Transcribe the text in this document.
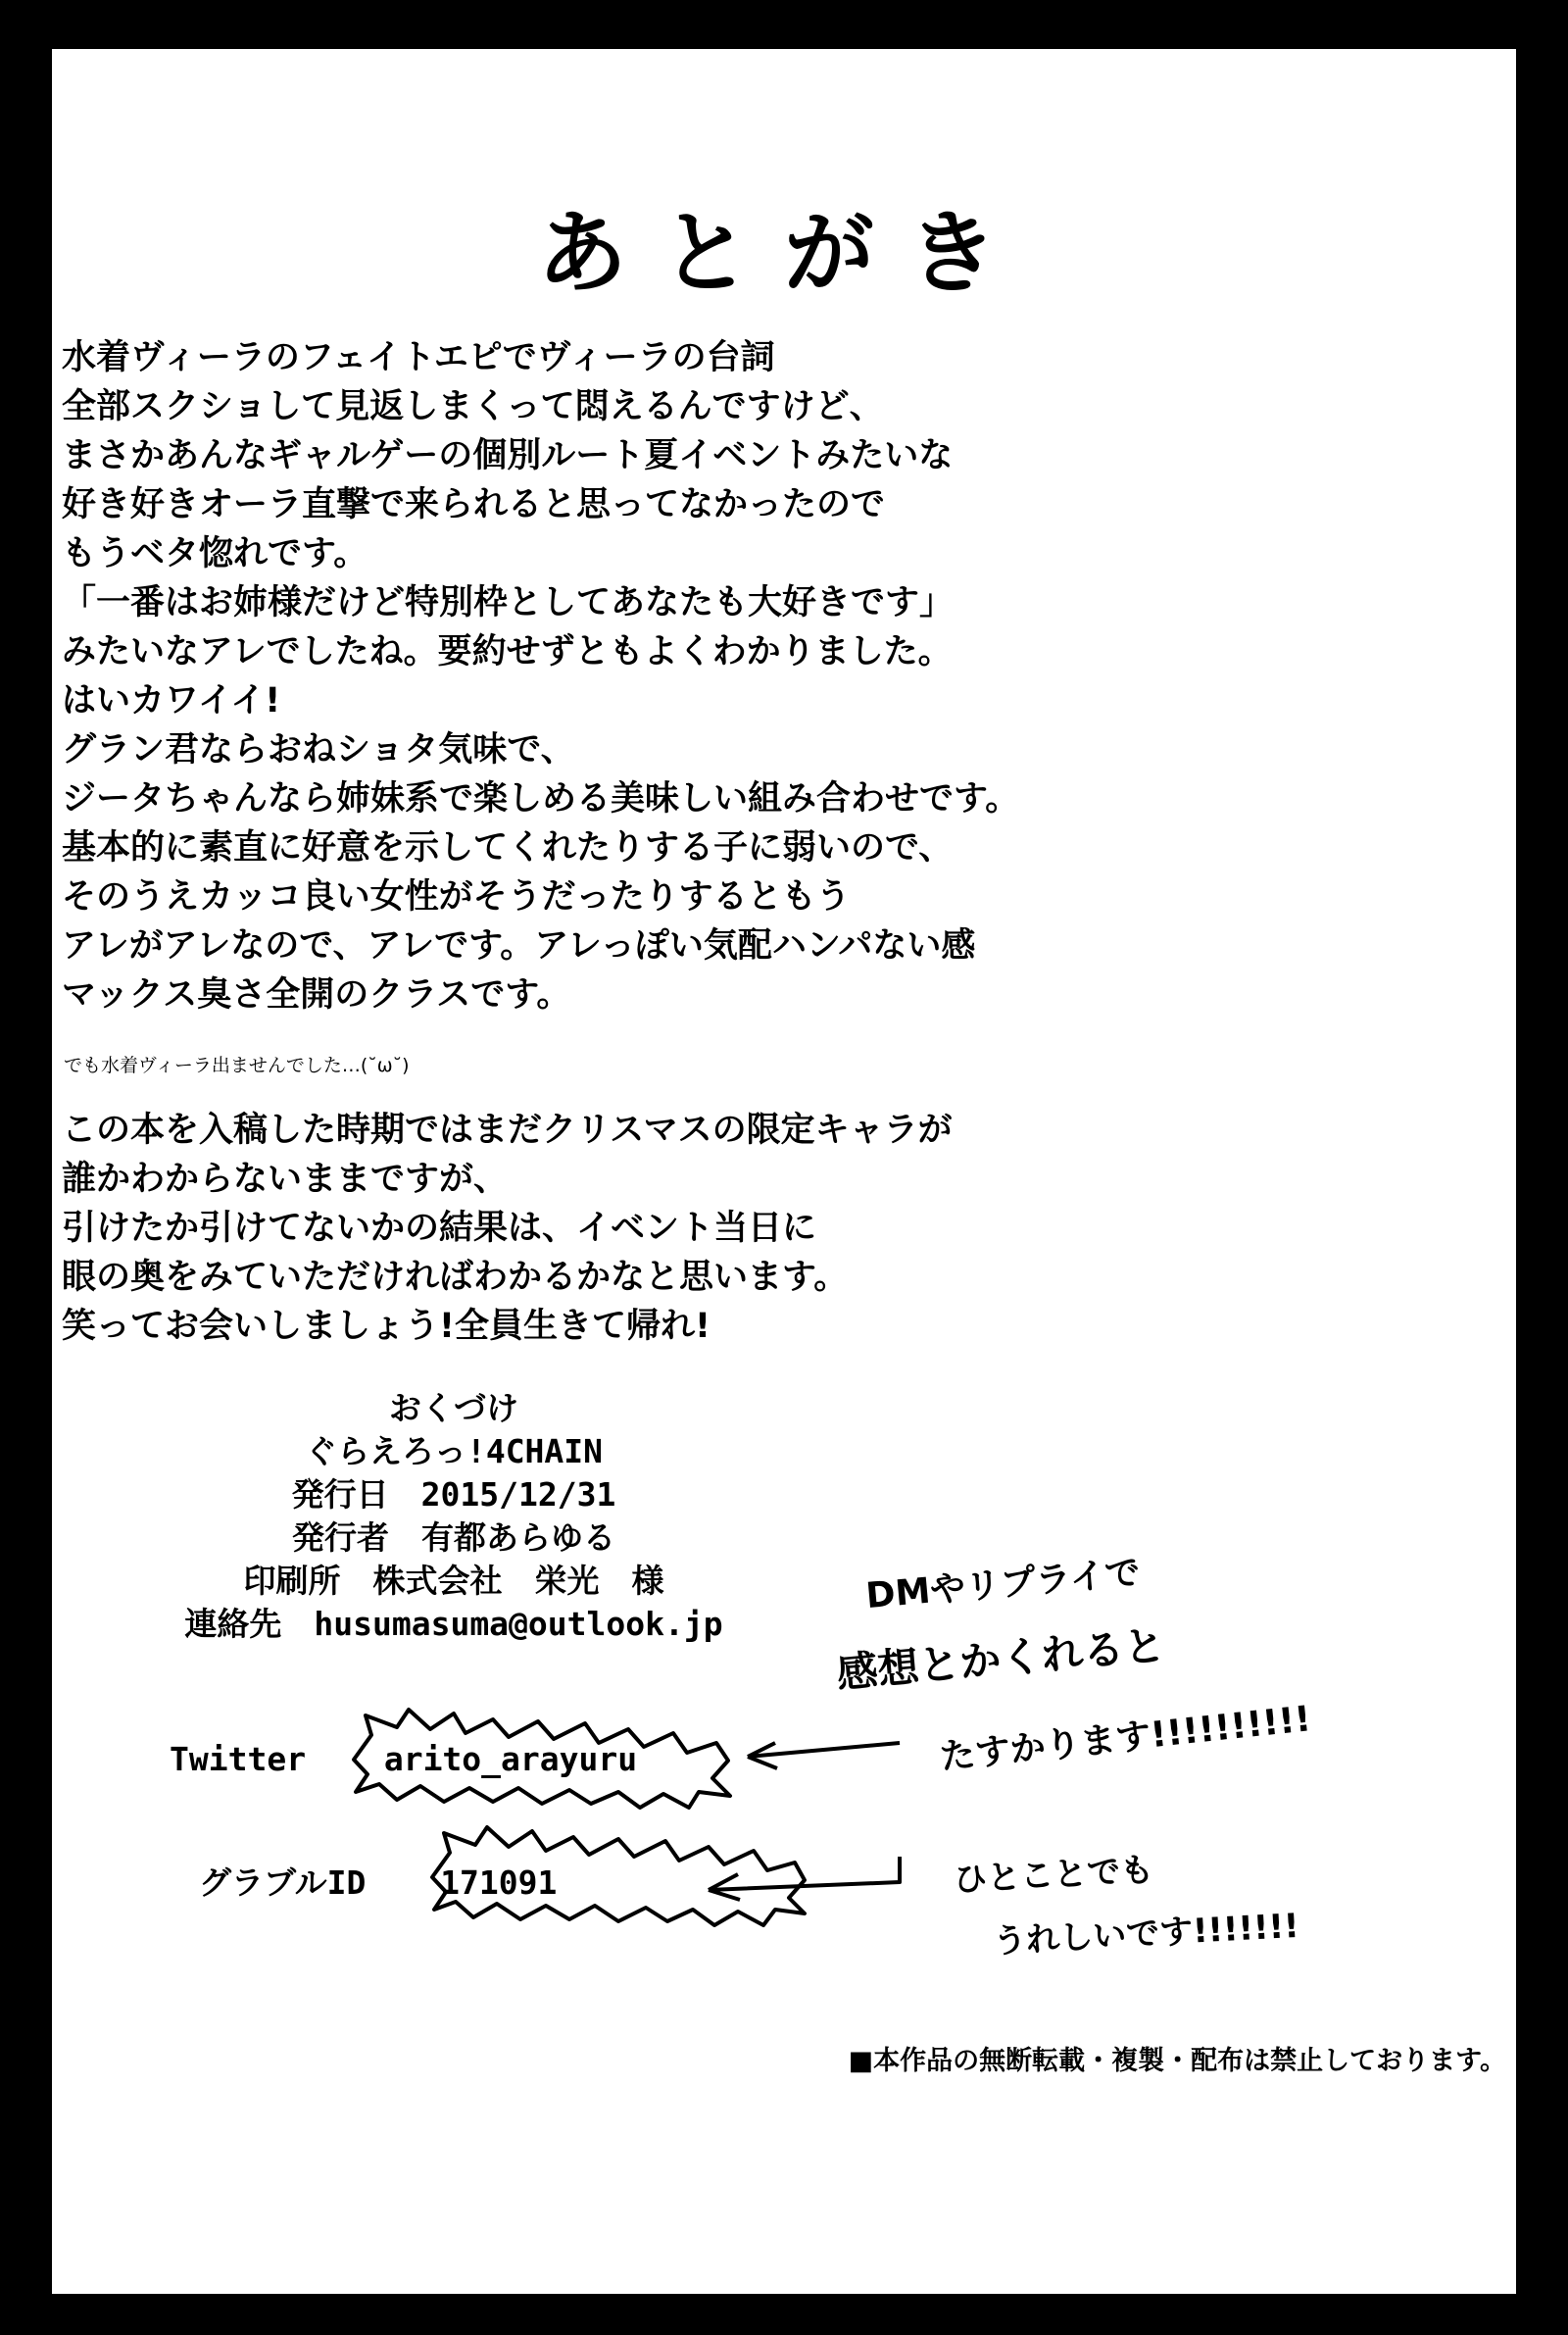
あとがき
水着ヴィーラのフェイトエピでヴィーラの台詞
全部スクショして見返しまくって悶えるんですけど、
まさかあんなギャルゲーの個別ルート夏イベントみたいな
好き好きオーラ直撃で来られると思ってなかったので
もうベタ惚れです。
「一番はお姉様だけど特別枠としてあなたも大好きです」
みたいなアレでしたね。要約せずともよくわかりました。
はいカワイイ!
グラン君ならおねショタ気味で、
ジータちゃんなら姉妹系で楽しめる美味しい組み合わせです。
基本的に素直に好意を示してくれたりする子に弱いので、
そのうえカッコ良い女性がそうだったりするともう
アレがアレなので、アレです。アレっぽい気配ハンパない感
マックス臭さ全開のクラスです。
でも水着ヴィーラ出ませんでした…(˘ω˘)
この本を入稿した時期ではまだクリスマスの限定キャラが
誰かわからないままですが、
引けたか引けてないかの結果は、イベント当日に
眼の奥をみていただければわかるかなと思います。
笑ってお会いしましょう!全員生きて帰れ!
おくづけ
ぐらえろっ!4CHAIN
発行日　2015/12/31
発行者　有都あらゆる
印刷所　株式会社　栄光　様
連絡先　husumasuma@outlook.jp
Twitter arito_arayuru
グラブルID 171091
DMやリプライで
感想とかくれると
たすかります!!!!!!!!!!
ひとことでも
うれしいです!!!!!!!
■本作品の無断転載・複製・配布は禁止しております。
